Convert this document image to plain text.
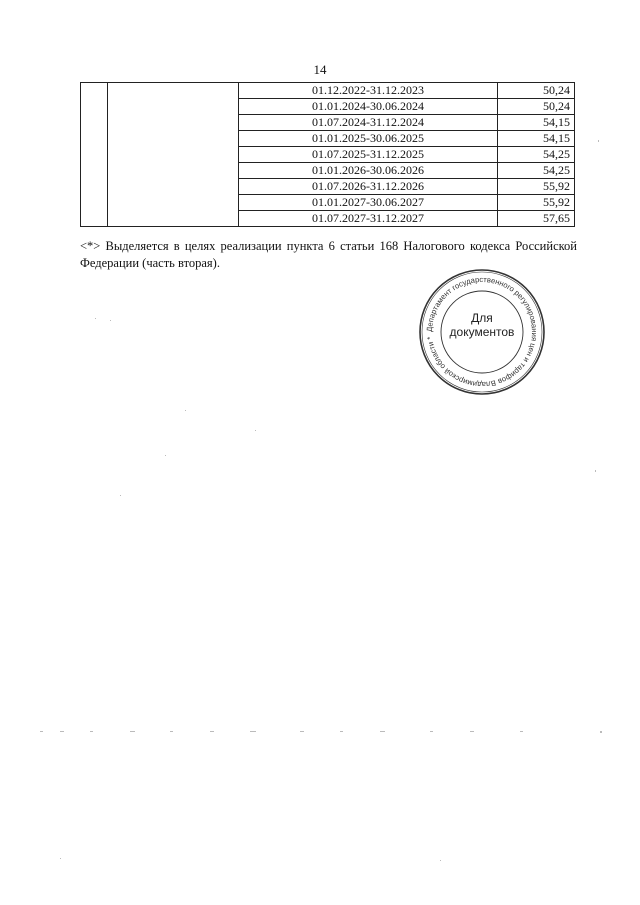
14
		01.12.2022-31.12.2023	50,24
		01.01.2024-30.06.2024	50,24
		01.07.2024-31.12.2024	54,15
		01.01.2025-30.06.2025	54,15
		01.07.2025-31.12.2025	54,25
		01.01.2026-30.06.2026	54,25
		01.07.2026-31.12.2026	55,92
		01.01.2027-30.06.2027	55,92
		01.07.2027-31.12.2027	57,65
<*> Выделяется в целях реализации пункта 6 статьи 168 Налогового кодекса Российской Федерации (часть вторая).
Департамент государственного регулирования цен и тарифов Владимирской области *
Для
документов
